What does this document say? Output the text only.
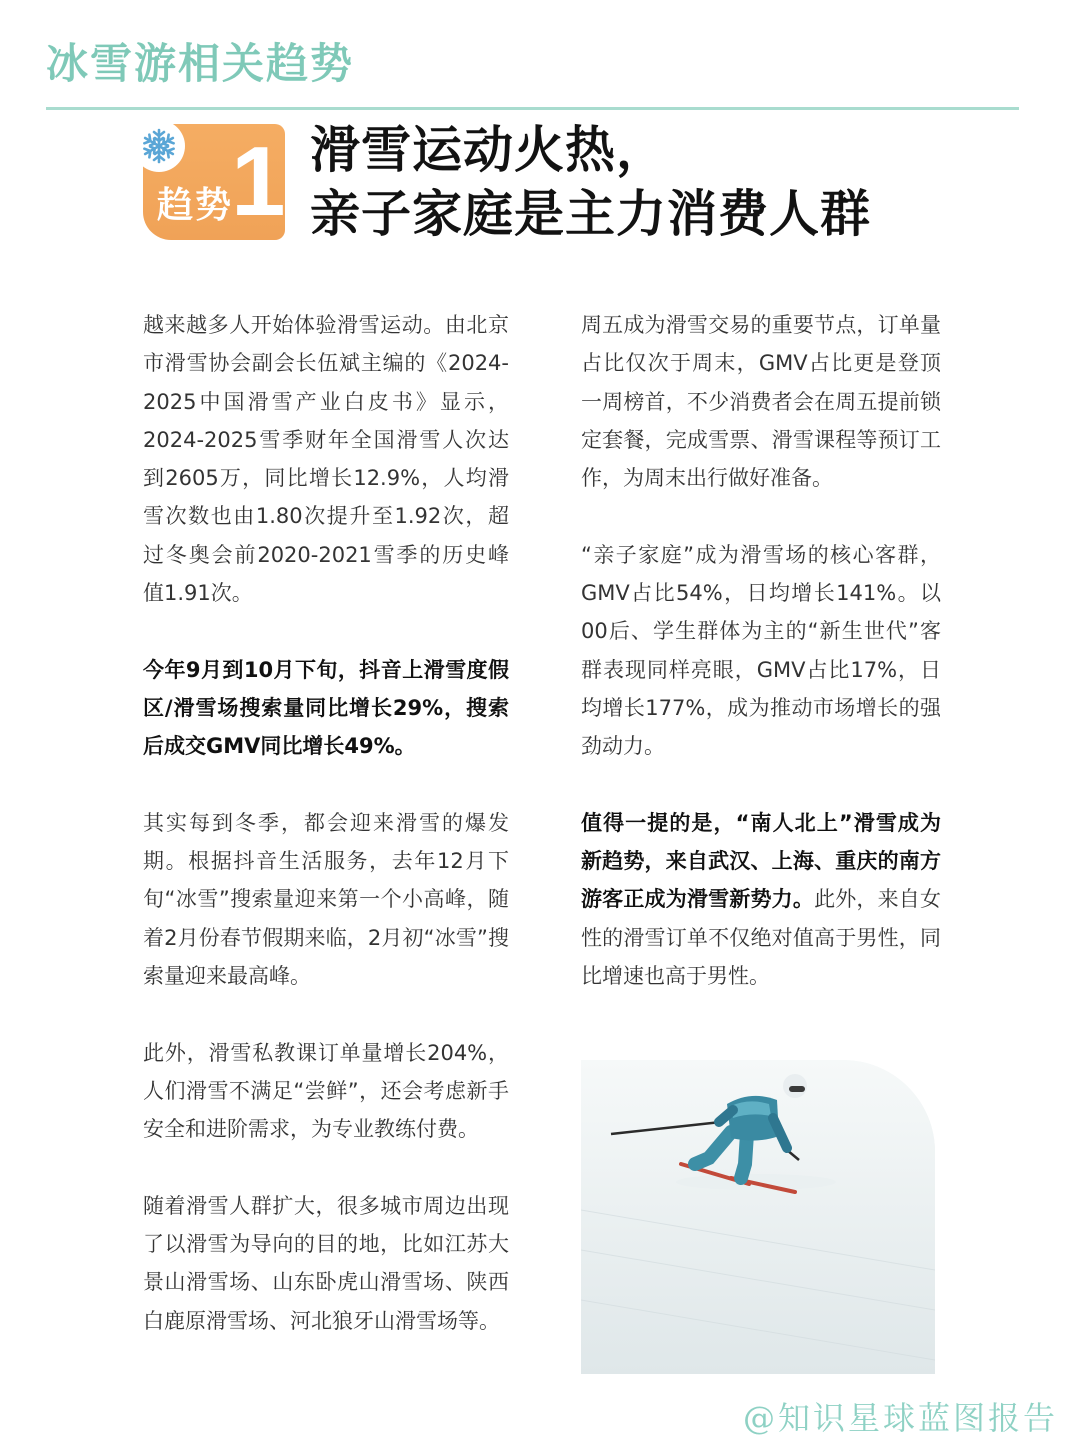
冰雪游相关趋势
趋势
1 滑雪运动火热，
亲子家庭是主力消费人群

越来越多人开始体验滑雪运动。由北京市滑雪协会副会长伍斌主编的《2024-2025中国滑雪产业白皮书》显示，2024-2025雪季财年全国滑雪人次达到2605万，同比增长12.9%，人均滑雪次数也由1.80次提升至1.92次，超过冬奥会前2020-2021雪季的历史峰值1.91次。

今年9月到10月下旬，抖音上滑雪度假区/滑雪场搜索量同比增长29%，搜索后成交GMV同比增长49%。

其实每到冬季，都会迎来滑雪的爆发期。根据抖音生活服务，去年12月下旬“冰雪”搜索量迎来第一个小高峰，随着2月份春节假期来临，2月初“冰雪”搜索量迎来最高峰。

此外，滑雪私教课订单量增长204%，人们滑雪不满足“尝鲜”，还会考虑新手安全和进阶需求，为专业教练付费。

随着滑雪人群扩大，很多城市周边出现了以滑雪为导向的目的地，比如江苏大景山滑雪场、山东卧虎山滑雪场、陕西白鹿原滑雪场、河北狼牙山滑雪场等。

周五成为滑雪交易的重要节点，订单量占比仅次于周末，GMV占比更是登顶一周榜首，不少消费者会在周五提前锁定套餐，完成雪票、滑雪课程等预订工作，为周末出行做好准备。

“亲子家庭”成为滑雪场的核心客群，GMV占比54%，日均增长141%。以00后、学生群体为主的“新生世代”客群表现同样亮眼，GMV占比17%，日均增长177%，成为推动市场增长的强劲动力。

值得一提的是，“南人北上”滑雪成为新趋势，来自武汉、上海、重庆的南方游客正成为滑雪新势力。此外，来自女性的滑雪订单不仅绝对值高于男性，同比增速也高于男性。

@知识星球蓝图报告
